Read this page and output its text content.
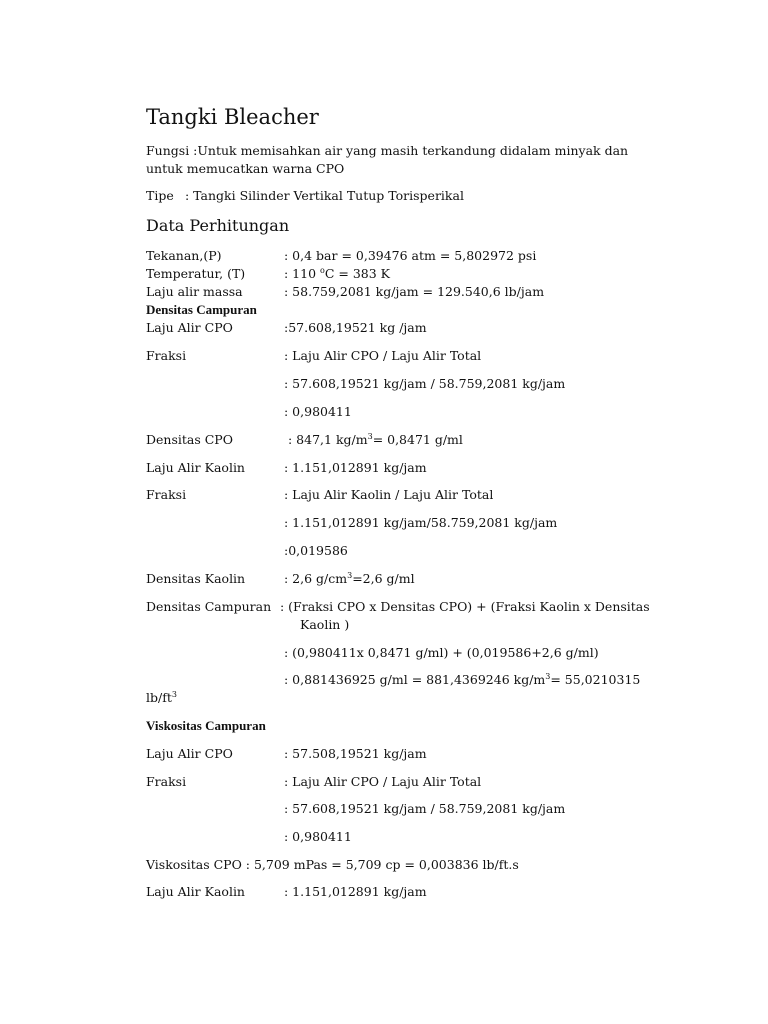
Tangki Bleacher
Fungsi :Untuk memisahkan air yang masih terkandung didalam minyak dan untuk memucatkan warna CPO
Tipe : Tangki Silinder Vertikal Tutup Torisperikal
Data Perhitungan
Tekanan,(P)	: 0,4 bar = 0,39476 atm = 5,802972 psi
Temperatur, (T)	: 110 $^o$C = 383 K
Laju alir massa	: 58.759,2081 kg/jam = 129.540,6 lb/jam
Densitas Campuran
Laju Alir CPO	:57.608,19521 kg /jam
Fraksi	: Laju Alir CPO / Laju Alir Total
: 57.608,19521 kg/jam / 58.759,2081 kg/jam
: 0,980411
Densitas CPO	: 847,1 $kg/m^3= 0,8471$ g/ml
Laju Alir Kaolin	: 1.151,012891 kg/jam
Fraksi	: Laju Alir Kaolin / Laju Alir Total
: 1.151,012891 kg/jam/58.759,2081 kg/jam
:0,019586
Densitas Kaolin	: 2,6 $g/cm^3=2,6$ g/ml
Densitas Campuran : (Fraksi CPO x Densitas CPO) + (Fraksi Kaolin x Densitas
Kaolin )
: (0,980411x 0,8471 g/ml) + (0,019586+2,6 g/ml)
: 0,881436925 g/ml = 881,4369246 $kg/m^3= 55,0210315$
$lb/ft^3$
Viskositas Campuran
Laju Alir CPO	: 57.508,19521 kg/jam
Fraksi	: Laju Alir CPO / Laju Alir Total
: 57.608,19521 kg/jam / 58.759,2081 kg/jam
: 0,980411
Viskositas CPO : 5,709 mPas = 5,709 cp = 0,003836 lb/ft.s
Laju Alir Kaolin	: 1.151,012891 kg/jam
